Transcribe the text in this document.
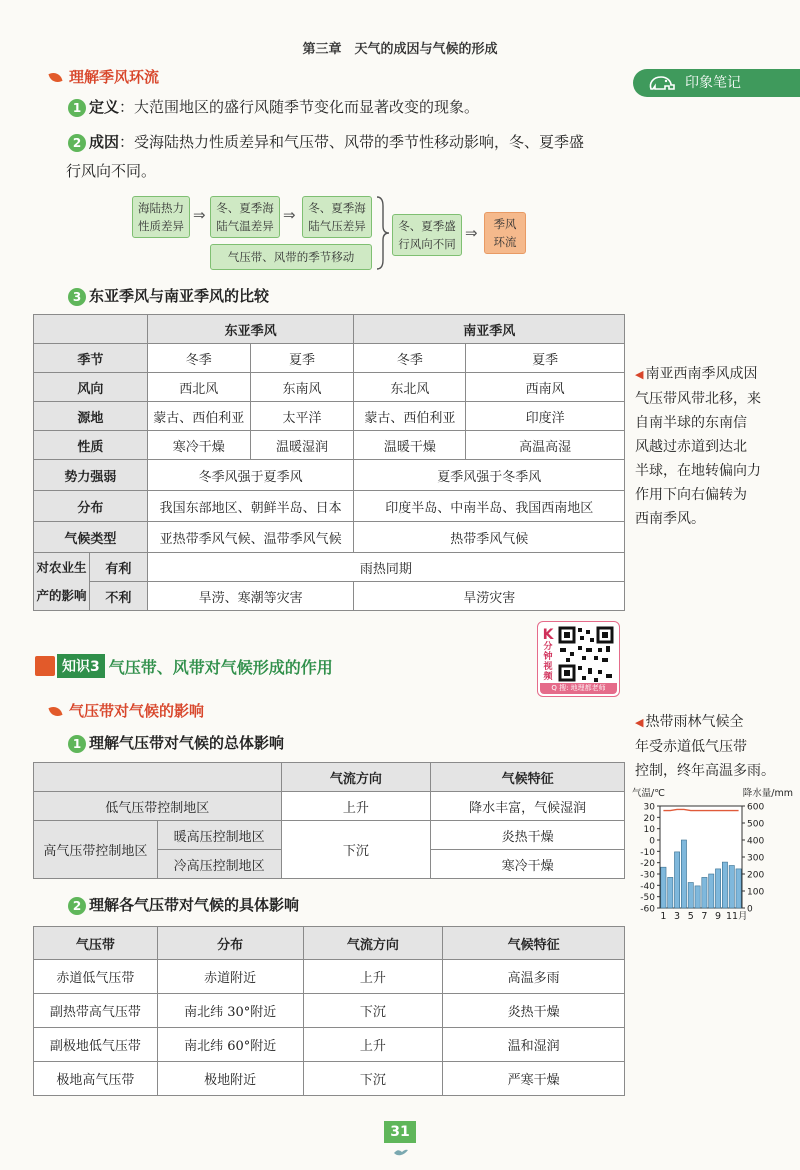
第三章　天气的成因与气候的形成
印象笔记
理解季风环流
1 定义：大范围地区的盛行风随季节变化而显著改变的现象。
2 成因：受海陆热力性质差异和气压带、风带的季节性移动影响，冬、夏季盛
行风向不同。
海陆热力
性质差异
⇒ 冬、夏季海
陆气温差异
⇒	冬、夏季海
陆气压差异
气压带、风带的季节移动
冬、夏季盛
行风向不同
⇒	季风
环流
3 东亚季风与南亚季风的比较
		东亚季风		南亚季风	
季节		冬季	夏季	冬季	夏季
风向		西北风	东南风	东北风	西南风
源地		蒙古、西伯利亚	太平洋	蒙古、西伯利亚	印度洋
性质		寒冷干燥	温暖湿润	温暖干燥	高温高湿
势力强弱		冬季风强于夏季风		夏季风强于冬季风	
分布		我国东部地区、朝鲜半岛、日本		印度半岛、中南半岛、我国西南地区	
气候类型		亚热带季风气候、温带季风气候		热带季风气候	

对农业生
产的影响	有利	雨热同期			
	不利	旱涝、寒潮等灾害		旱涝灾害	
◀ 南亚西南季风成因
气压带风带北移，来
自南半球的东南信
风越过赤道到达北
半球，在地转偏向力
作用下向右偏转为
西南季风。
知识3 气压带、风带对气候形成的作用
K
分
钟
视
频
Q 搜: 地理都老师
气压带对气候的影响
1 理解气压带对气候的总体影响
		气流方向	气候特征
低气压带控制地区		上升	降水丰富，气候湿润
高气压带控制地区	暖高压控制地区	下沉	炎热干燥
	冷高压控制地区		寒冷干燥
2 理解各气压带对气候的具体影响
气压带	分布	气流方向	气候特征
赤道低气压带	赤道附近	上升	高温多雨
副热带高气压带	南北纬 30°附近	下沉	炎热干燥
副极地低气压带	南北纬 60°附近	上升	温和湿润
极地高气压带	极地附近	下沉	严寒干燥
◀ 热带雨林气候全
年受赤道低气压带
控制，终年高温多雨。
气温/℃	降水量/mm
30
20
10
0
-10
-20
-30
-40
-50
-60
600
500
400
300
200
100
0
1 3 5 7 9 11月
31
